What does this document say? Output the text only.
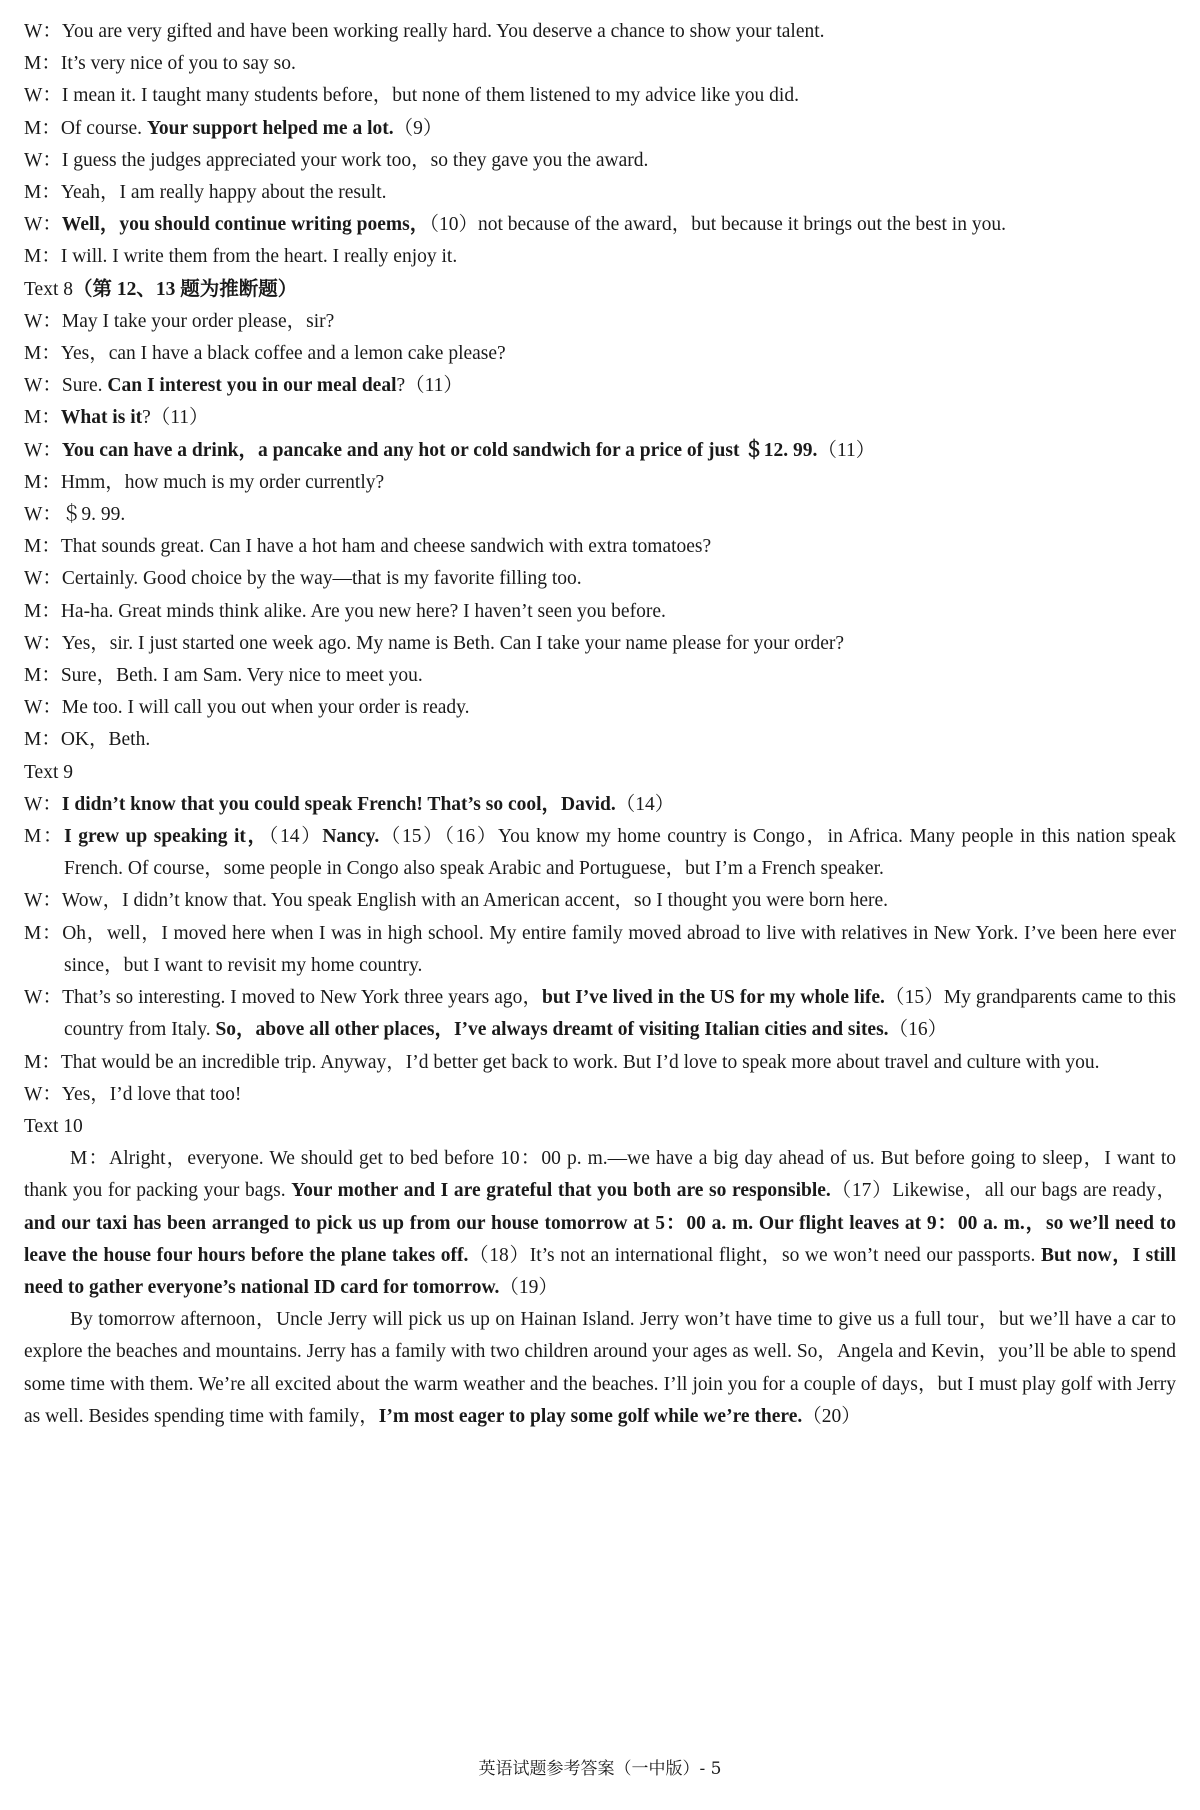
W：You are very gifted and have been working really hard. You deserve a chance to show your talent.

M：It’s very nice of you to say so.

W：I mean it. I taught many students before，but none of them listened to my advice like you did.

M：Of course. Your support helped me a lot.（9）

W：I guess the judges appreciated your work too，so they gave you the award.

M：Yeah，I am really happy about the result.

W：Well，you should continue writing poems，（10）not because of the award，but because it brings out the best in you.

M：I will. I write them from the heart. I really enjoy it.

Text 8（第 12、13 题为推断题）

W：May I take your order please，sir?

M：Yes，can I have a black coffee and a lemon cake please?

W：Sure. Can I interest you in our meal deal?（11）

M：What is it?（11）

W：You can have a drink，a pancake and any hot or cold sandwich for a price of just ＄12. 99.（11）

M：Hmm，how much is my order currently?

W：＄9. 99.

M：That sounds great. Can I have a hot ham and cheese sandwich with extra tomatoes?

W：Certainly. Good choice by the way—that is my favorite filling too.

M：Ha-ha. Great minds think alike. Are you new here? I haven’t seen you before.

W：Yes，sir. I just started one week ago. My name is Beth. Can I take your name please for your order?

M：Sure，Beth. I am Sam. Very nice to meet you.

W：Me too. I will call you out when your order is ready.

M：OK，Beth.

Text 9

W：I didn’t know that you could speak French! That’s so cool，David.（14）

M：I grew up speaking it，（14）Nancy.（15）（16）You know my home country is Congo，in Africa. Many people in this nation speak French. Of course，some people in Congo also speak Arabic and Portuguese，but I’m a French speaker.

W：Wow，I didn’t know that. You speak English with an American accent，so I thought you were born here.

M：Oh，well，I moved here when I was in high school. My entire family moved abroad to live with relatives in New York. I’ve been here ever since，but I want to revisit my home country.

W：That’s so interesting. I moved to New York three years ago，but I’ve lived in the US for my whole life.（15）My grandparents came to this country from Italy. So，above all other places，I’ve always dreamt of visiting Italian cities and sites.（16）

M：That would be an incredible trip. Anyway，I’d better get back to work. But I’d love to speak more about travel and culture with you.

W：Yes，I’d love that too!

Text 10

M：Alright，everyone. We should get to bed before 10：00 p. m.—we have a big day ahead of us. But before going to sleep，I want to thank you for packing your bags. Your mother and I are grateful that you both are so responsible.（17）Likewise，all our bags are ready，and our taxi has been arranged to pick us up from our house tomorrow at 5：00 a. m. Our flight leaves at 9：00 a. m.，so we’ll need to leave the house four hours before the plane takes off.（18）It’s not an international flight，so we won’t need our passports. But now，I still need to gather everyone’s national ID card for tomorrow.（19）

By tomorrow afternoon，Uncle Jerry will pick us up on Hainan Island. Jerry won’t have time to give us a full tour，but we’ll have a car to explore the beaches and mountains. Jerry has a family with two children around your ages as well. So，Angela and Kevin，you’ll be able to spend some time with them. We’re all excited about the warm weather and the beaches. I’ll join you for a couple of days，but I must play golf with Jerry as well. Besides spending time with family，I’m most eager to play some golf while we’re there.（20）

英语试题参考答案（一中版）- 5
